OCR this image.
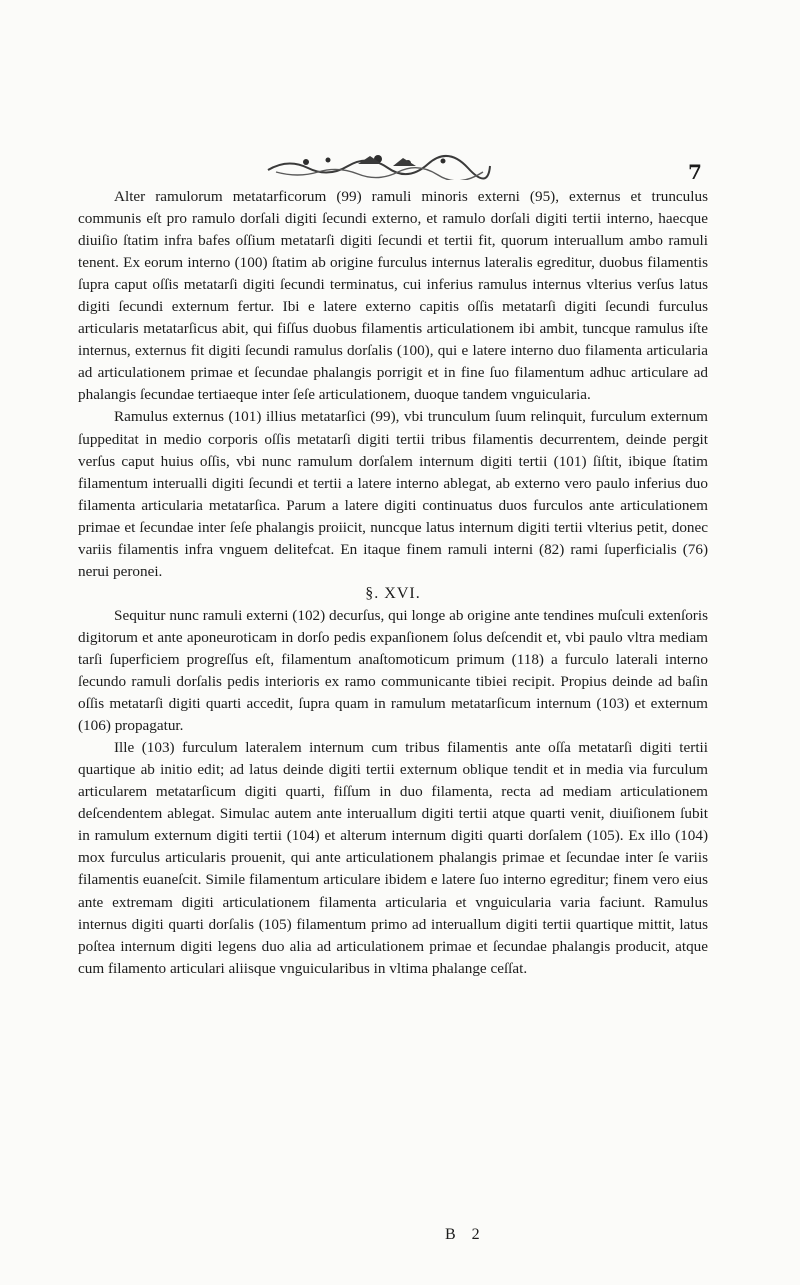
7

Alter ramulorum metatarficorum (99) ramuli minoris externi (95), externus et trunculus communis eſt pro ramulo dorſali digiti ſecundi externo, et ramulo dorſali digiti tertii interno, haecque diuiſio ſtatim infra bafes oſſium metatarſi digiti ſecundi et tertii fit, quorum interuallum ambo ramuli tenent. Ex eorum interno (100) ſtatim ab origine furculus internus lateralis egreditur, duobus filamentis ſupra caput oſſis metatarſi digiti ſecundi terminatus, cui inferius ramulus internus vlterius verſus latus digiti ſecundi externum fertur. Ibi e latere externo capitis oſſis metatarſi digiti ſecundi furculus articularis metatarſicus abit, qui fiſſus duobus filamentis articulationem ibi ambit, tuncque ramulus iſte internus, externus fit digiti ſecundi ramulus dorſalis (100), qui e latere interno duo filamenta articularia ad articulationem primae et ſecundae phalangis porrigit et in fine ſuo filamentum adhuc articulare ad phalangis ſecundae tertiaeque inter ſeſe articulationem, duoque tandem vnguicularia.

Ramulus externus (101) illius metatarſici (99), vbi trunculum ſuum relinquit, furculum externum ſuppeditat in medio corporis oſſis metatarſi digiti tertii tribus filamentis decurrentem, deinde pergit verſus caput huius oſſis, vbi nunc ramulum dorſalem internum digiti tertii (101) ſiſtit, ibique ſtatim filamentum interualli digiti ſecundi et tertii a latere interno ablegat, ab externo vero paulo inferius duo filamenta articularia metatarſica. Parum a latere digiti continuatus duos furculos ante articulationem primae et ſecundae inter ſeſe phalangis proiicit, nuncque latus internum digiti tertii vlterius petit, donec variis filamentis infra vnguem delitefcat. En itaque finem ramuli interni (82) rami ſuperficialis (76) nerui peronei.

§. XVI.

Sequitur nunc ramuli externi (102) decurſus, qui longe ab origine ante tendines muſculi extenſoris digitorum et ante aponeuroticam in dorſo pedis expanſionem ſolus deſcendit et, vbi paulo vltra mediam tarſi ſuperficiem progreſſus eſt, filamentum anaſtomoticum primum (118) a furculo laterali interno ſecundo ramuli dorſalis pedis interioris ex ramo communicante tibiei recipit. Propius deinde ad baſin oſſis metatarſi digiti quarti accedit, ſupra quam in ramulum metatarſicum internum (103) et externum (106) propagatur.

Ille (103) furculum lateralem internum cum tribus filamentis ante oſſa metatarſi digiti tertii quartique ab initio edit; ad latus deinde digiti tertii externum oblique tendit et in media via furculum articularem metatarſicum digiti quarti, fiſſum in duo filamenta, recta ad mediam articulationem deſcendentem ablegat. Simulac autem ante interuallum digiti tertii atque quarti venit, diuiſionem ſubit in ramulum externum digiti tertii (104) et alterum internum digiti quarti dorſalem (105). Ex illo (104) mox furculus articularis prouenit, qui ante articulationem phalangis primae et ſecundae inter ſe variis filamentis euaneſcit. Simile filamentum articulare ibidem e latere ſuo interno egreditur; finem vero eius ante extremam digiti articulationem filamenta articularia et vnguicularia varia faciunt. Ramulus internus digiti quarti dorſalis (105) filamentum primo ad interuallum digiti tertii quartique mittit, latus poſtea internum digiti legens duo alia ad articulationem primae et ſecundae phalangis producit, atque cum filamento articulari aliisque vnguicularibus in vltima phalange ceſſat.

B 2
